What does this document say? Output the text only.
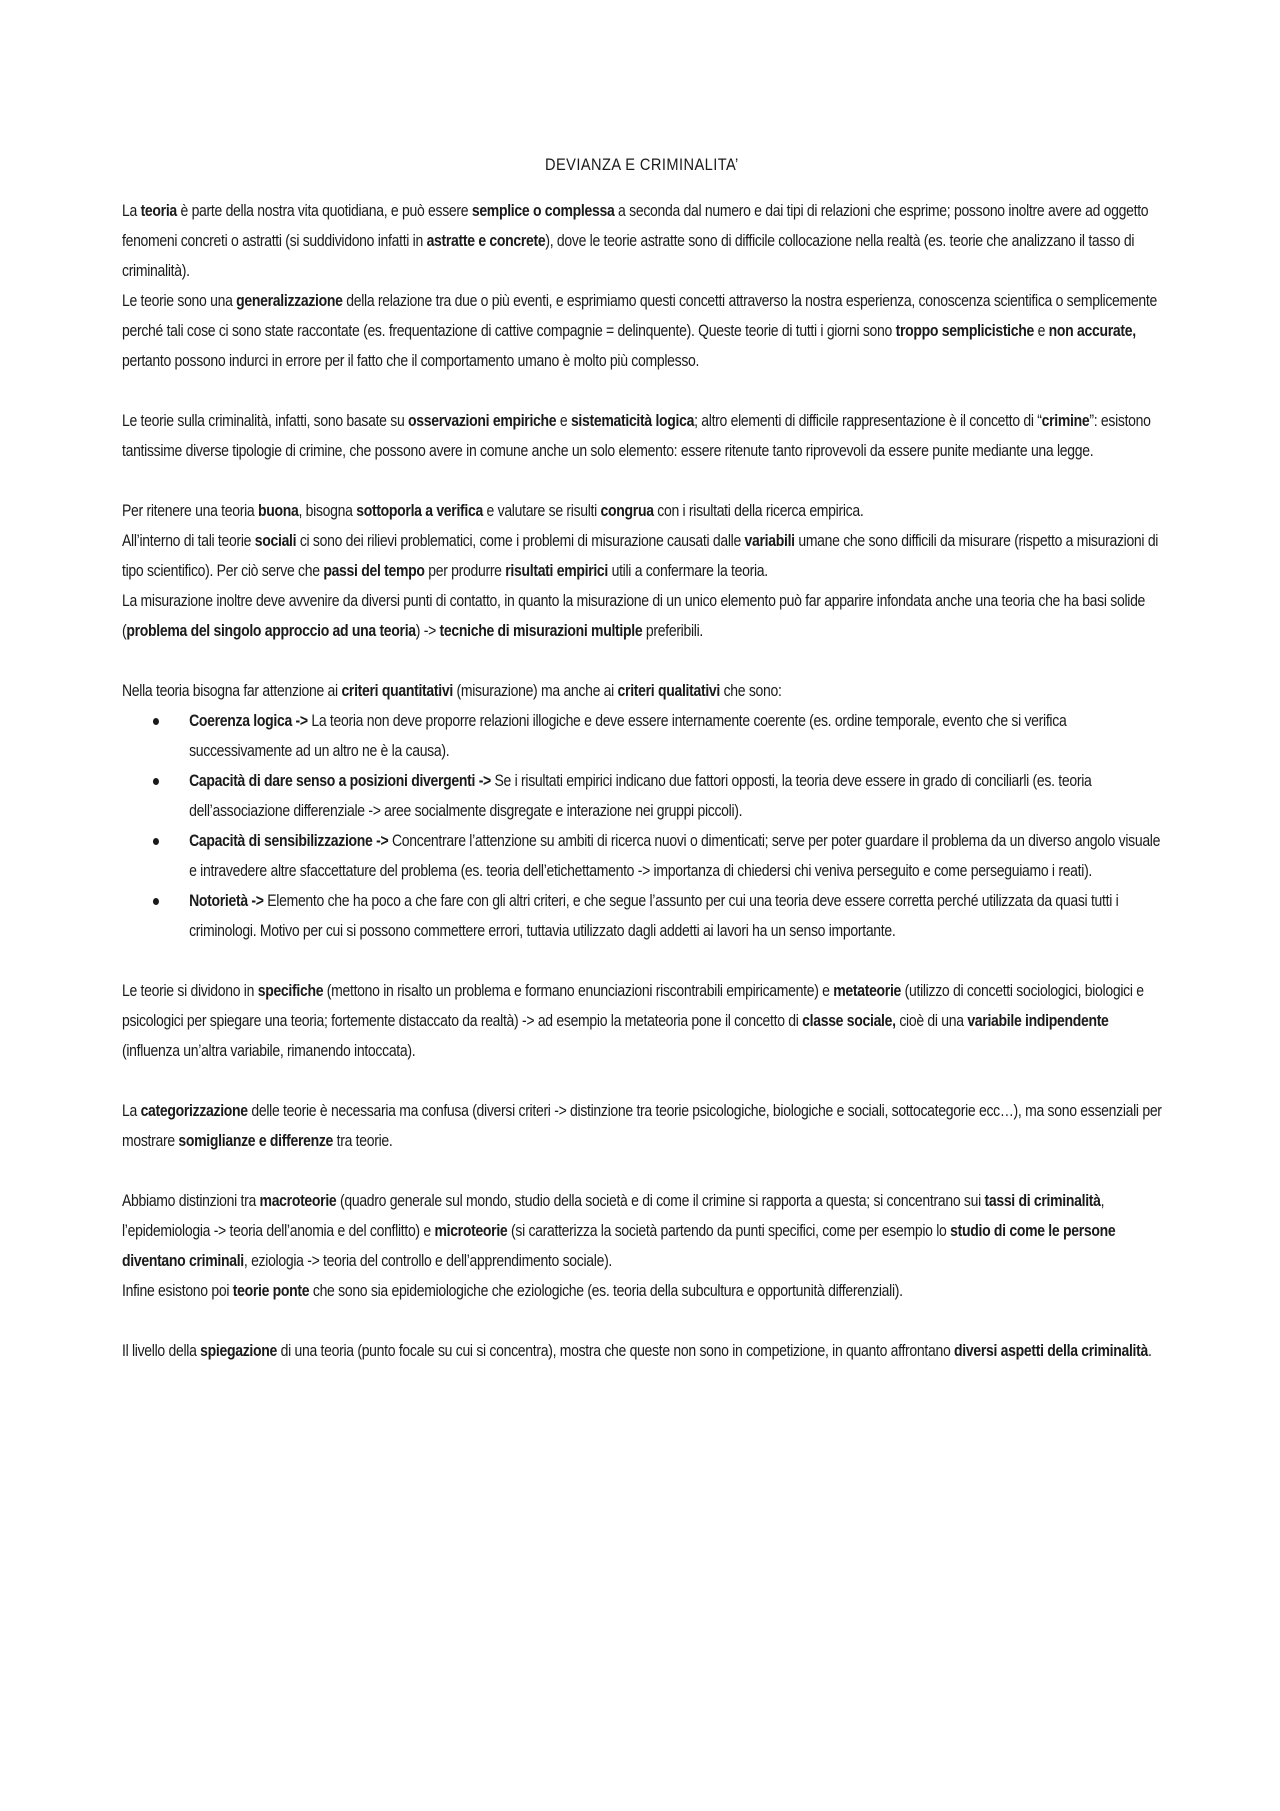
DEVIANZA E CRIMINALITA’

La teoria è parte della nostra vita quotidiana, e può essere semplice o complessa a seconda dal numero e dai tipi di relazioni che esprime; possono inoltre avere ad oggetto fenomeni concreti o astratti (si suddividono infatti in astratte e concrete), dove le teorie astratte sono di difficile collocazione nella realtà (es. teorie che analizzano il tasso di criminalità).

Le teorie sono una generalizzazione della relazione tra due o più eventi, e esprimiamo questi concetti attraverso la nostra esperienza, conoscenza scientifica o semplicemente perché tali cose ci sono state raccontate (es. frequentazione di cattive compagnie = delinquente). Queste teorie di tutti i giorni sono troppo semplicistiche e non accurate, pertanto possono indurci in errore per il fatto che il comportamento umano è molto più complesso.

Le teorie sulla criminalità, infatti, sono basate su osservazioni empiriche e sistematicità logica; altro elementi di difficile rappresentazione è il concetto di “crimine”: esistono tantissime diverse tipologie di crimine, che possono avere in comune anche un solo elemento: essere ritenute tanto riprovevoli da essere punite mediante una legge.

Per ritenere una teoria buona, bisogna sottoporla a verifica e valutare se risulti congrua con i risultati della ricerca empirica.

All’interno di tali teorie sociali ci sono dei rilievi problematici, come i problemi di misurazione causati dalle variabili umane che sono difficili da misurare (rispetto a misurazioni di tipo scientifico). Per ciò serve che passi del tempo per produrre risultati empirici utili a confermare la teoria.

La misurazione inoltre deve avvenire da diversi punti di contatto, in quanto la misurazione di un unico elemento può far apparire infondata anche una teoria che ha basi solide (problema del singolo approccio ad una teoria) -> tecniche di misurazioni multiple preferibili.

Nella teoria bisogna far attenzione ai criteri quantitativi (misurazione) ma anche ai criteri qualitativi che sono:

Coerenza logica -> La teoria non deve proporre relazioni illogiche e deve essere internamente coerente (es. ordine temporale, evento che si verifica successivamente ad un altro ne è la causa).
Capacità di dare senso a posizioni divergenti -> Se i risultati empirici indicano due fattori opposti, la teoria deve essere in grado di conciliarli (es. teoria dell’associazione differenziale -> aree socialmente disgregate e interazione nei gruppi piccoli).
Capacità di sensibilizzazione -> Concentrare l’attenzione su ambiti di ricerca nuovi o dimenticati; serve per poter guardare il problema da un diverso angolo visuale e intravedere altre sfaccettature del problema (es. teoria dell’etichettamento -> importanza di chiedersi chi veniva perseguito e come perseguiamo i reati).
Notorietà -> Elemento che ha poco a che fare con gli altri criteri, e che segue l’assunto per cui una teoria deve essere corretta perché utilizzata da quasi tutti i criminologi. Motivo per cui si possono commettere errori, tuttavia utilizzato dagli addetti ai lavori ha un senso importante.

Le teorie si dividono in specifiche (mettono in risalto un problema e formano enunciazioni riscontrabili empiricamente) e metateorie (utilizzo di concetti sociologici, biologici e psicologici per spiegare una teoria; fortemente distaccato da realtà) -> ad esempio la metateoria pone il concetto di classe sociale, cioè di una variabile indipendente (influenza un’altra variabile, rimanendo intoccata).

La categorizzazione delle teorie è necessaria ma confusa (diversi criteri -> distinzione tra teorie psicologiche, biologiche e sociali, sottocategorie ecc…), ma sono essenziali per mostrare somiglianze e differenze tra teorie.

Abbiamo distinzioni tra macroteorie (quadro generale sul mondo, studio della società e di come il crimine si rapporta a questa; si concentrano sui tassi di criminalità, l’epidemiologia -> teoria dell’anomia e del conflitto) e microteorie (si caratterizza la società partendo da punti specifici, come per esempio lo studio di come le persone diventano criminali, eziologia -> teoria del controllo e dell’apprendimento sociale).

Infine esistono poi teorie ponte che sono sia epidemiologiche che eziologiche (es. teoria della subcultura e opportunità differenziali).

Il livello della spiegazione di una teoria (punto focale su cui si concentra), mostra che queste non sono in competizione, in quanto affrontano diversi aspetti della criminalità.
